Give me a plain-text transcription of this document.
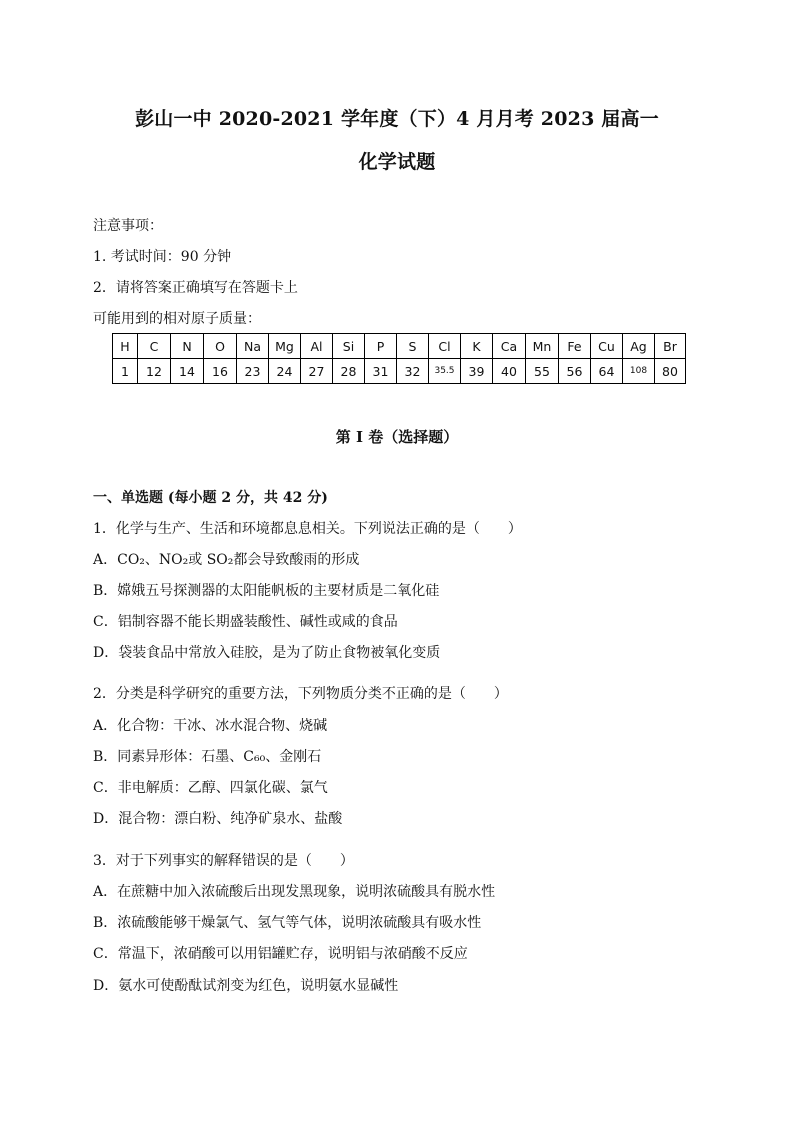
彭山一中 2020-2021 学年度（下）4 月月考 2023 届高一
化学试题
注意事项：
1. 考试时间：90 分钟
2．请将答案正确填写在答题卡上
可能用到的相对原子质量：
H	C	N	O	Na	Mg	Al	Si	P	S	Cl	K	Ca	Mn	Fe	Cu	Ag	Br
1	12	14	16	23	24	27	28	31	32	35.5	39	40	55	56	64	108	80
第 I 卷（选择题）
一、单选题 (每小题 2 分，共 42 分)
1．化学与生产、生活和环境都息息相关。下列说法正确的是（　　）
A．CO₂、NO₂或 SO₂都会导致酸雨的形成
B．嫦娥五号探测器的太阳能帆板的主要材质是二氧化硅
C．铝制容器不能长期盛装酸性、碱性或咸的食品
D．袋装食品中常放入硅胶，是为了防止食物被氧化变质
2．分类是科学研究的重要方法，下列物质分类不正确的是（　　）
A．化合物：干冰、冰水混合物、烧碱
B．同素异形体：石墨、C₆₀、金刚石
C．非电解质：乙醇、四氯化碳、氯气
D．混合物：漂白粉、纯净矿泉水、盐酸
3．对于下列事实的解释错误的是（　　）
A．在蔗糖中加入浓硫酸后出现发黑现象，说明浓硫酸具有脱水性
B．浓硫酸能够干燥氯气、氢气等气体，说明浓硫酸具有吸水性
C．常温下，浓硝酸可以用铝罐贮存，说明铝与浓硝酸不反应
D．氨水可使酚酞试剂变为红色，说明氨水显碱性
